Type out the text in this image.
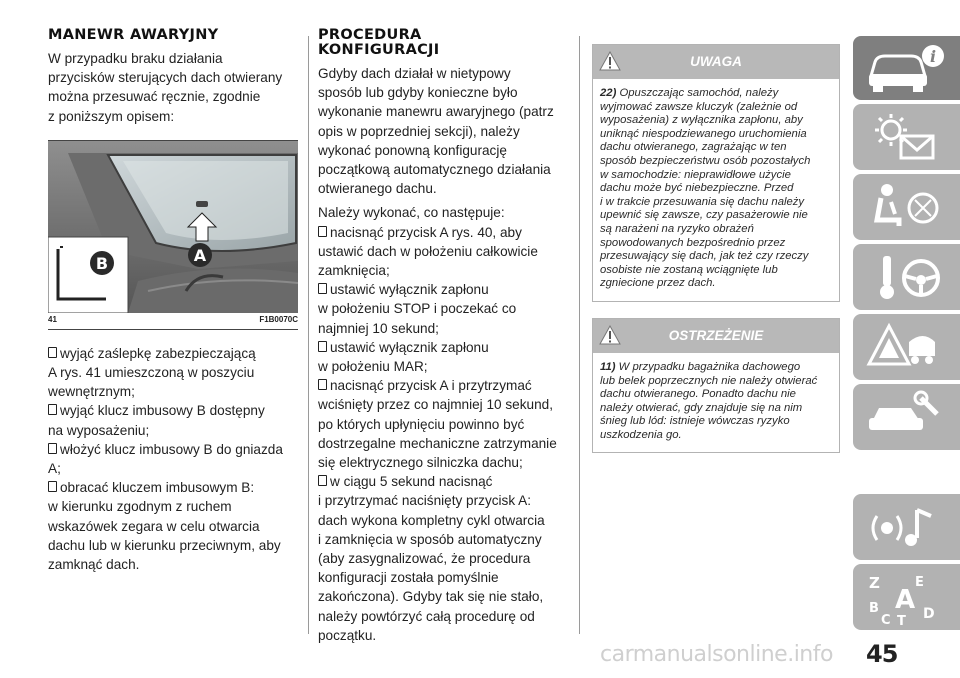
MANEWR AWARYJNY

W przypadku braku działania
przycisków sterujących dach otwierany
można przesuwać ręcznie, zgodnie
z poniższym opisem:

A
B
41	F1B0070C

wyjąć zaślepkę zabezpieczającą
A rys. 41 umieszczoną w poszyciu
wewnętrznym;

wyjąć klucz imbusowy B dostępny
na wyposażeniu;

włożyć klucz imbusowy B do gniazda
A;

obracać kluczem imbusowym B:
w kierunku zgodnym z ruchem
wskazówek zegara w celu otwarcia
dachu lub w kierunku przeciwnym, aby
zamknąć dach.

PROCEDURA
KONFIGURACJI

Gdyby dach działał w nietypowy
sposób lub gdyby konieczne było
wykonanie manewru awaryjnego (patrz
opis w poprzedniej sekcji), należy
wykonać ponowną konfigurację
początkową automatycznego działania
otwieranego dachu.

Należy wykonać, co następuje:

nacisnąć przycisk A rys. 40, aby
ustawić dach w położeniu całkowicie
zamknięcia;

ustawić wyłącznik zapłonu
w położeniu STOP i poczekać co
najmniej 10 sekund;

ustawić wyłącznik zapłonu
w położeniu MAR;

nacisnąć przycisk A i przytrzymać
wciśnięty przez co najmniej 10 sekund,
po których upłynięciu powinno być
dostrzegalne mechaniczne zatrzymanie
się elektrycznego silniczka dachu;

w ciągu 5 sekund nacisnąć
i przytrzymać naciśnięty przycisk A:
dach wykona kompletny cykl otwarcia
i zamknięcia w sposób automatyczny
(aby zasygnalizować, że procedura
konfiguracji została pomyślnie
zakończona). Gdyby tak się nie stało,
należy powtórzyć całą procedurę od
początku.

UWAGA
22) Opuszczając samochód, należy
wyjmować zawsze kluczyk (zależnie od
wyposażenia) z wyłącznika zapłonu, aby
uniknąć niespodziewanego uruchomienia
dachu otwieranego, zagrażając w ten
sposób bezpieczeństwu osób pozostałych
w samochodzie: nieprawidłowe użycie
dachu może być niebezpieczne. Przed
i w trakcie przesuwania się dachu należy
upewnić się zawsze, czy pasażerowie nie
są narażeni na ryzyko obrażeń
spowodowanych bezpośrednio przez
przesuwający się dach, jak też czy rzeczy
osobiste nie zostaną wciągnięte lub
zgniecione przez dach.
OSTRZEŻENIE
11) W przypadku bagażnika dachowego
lub belek poprzecznych nie należy otwierać
dachu otwieranego. Ponadto dachu nie
należy otwierać, gdy znajduje się na nim
śnieg lub lód: istnieje wówczas ryzyko
uszkodzenia go.
i
Z	E
B A
C T D
carmanualsonline.info 45
